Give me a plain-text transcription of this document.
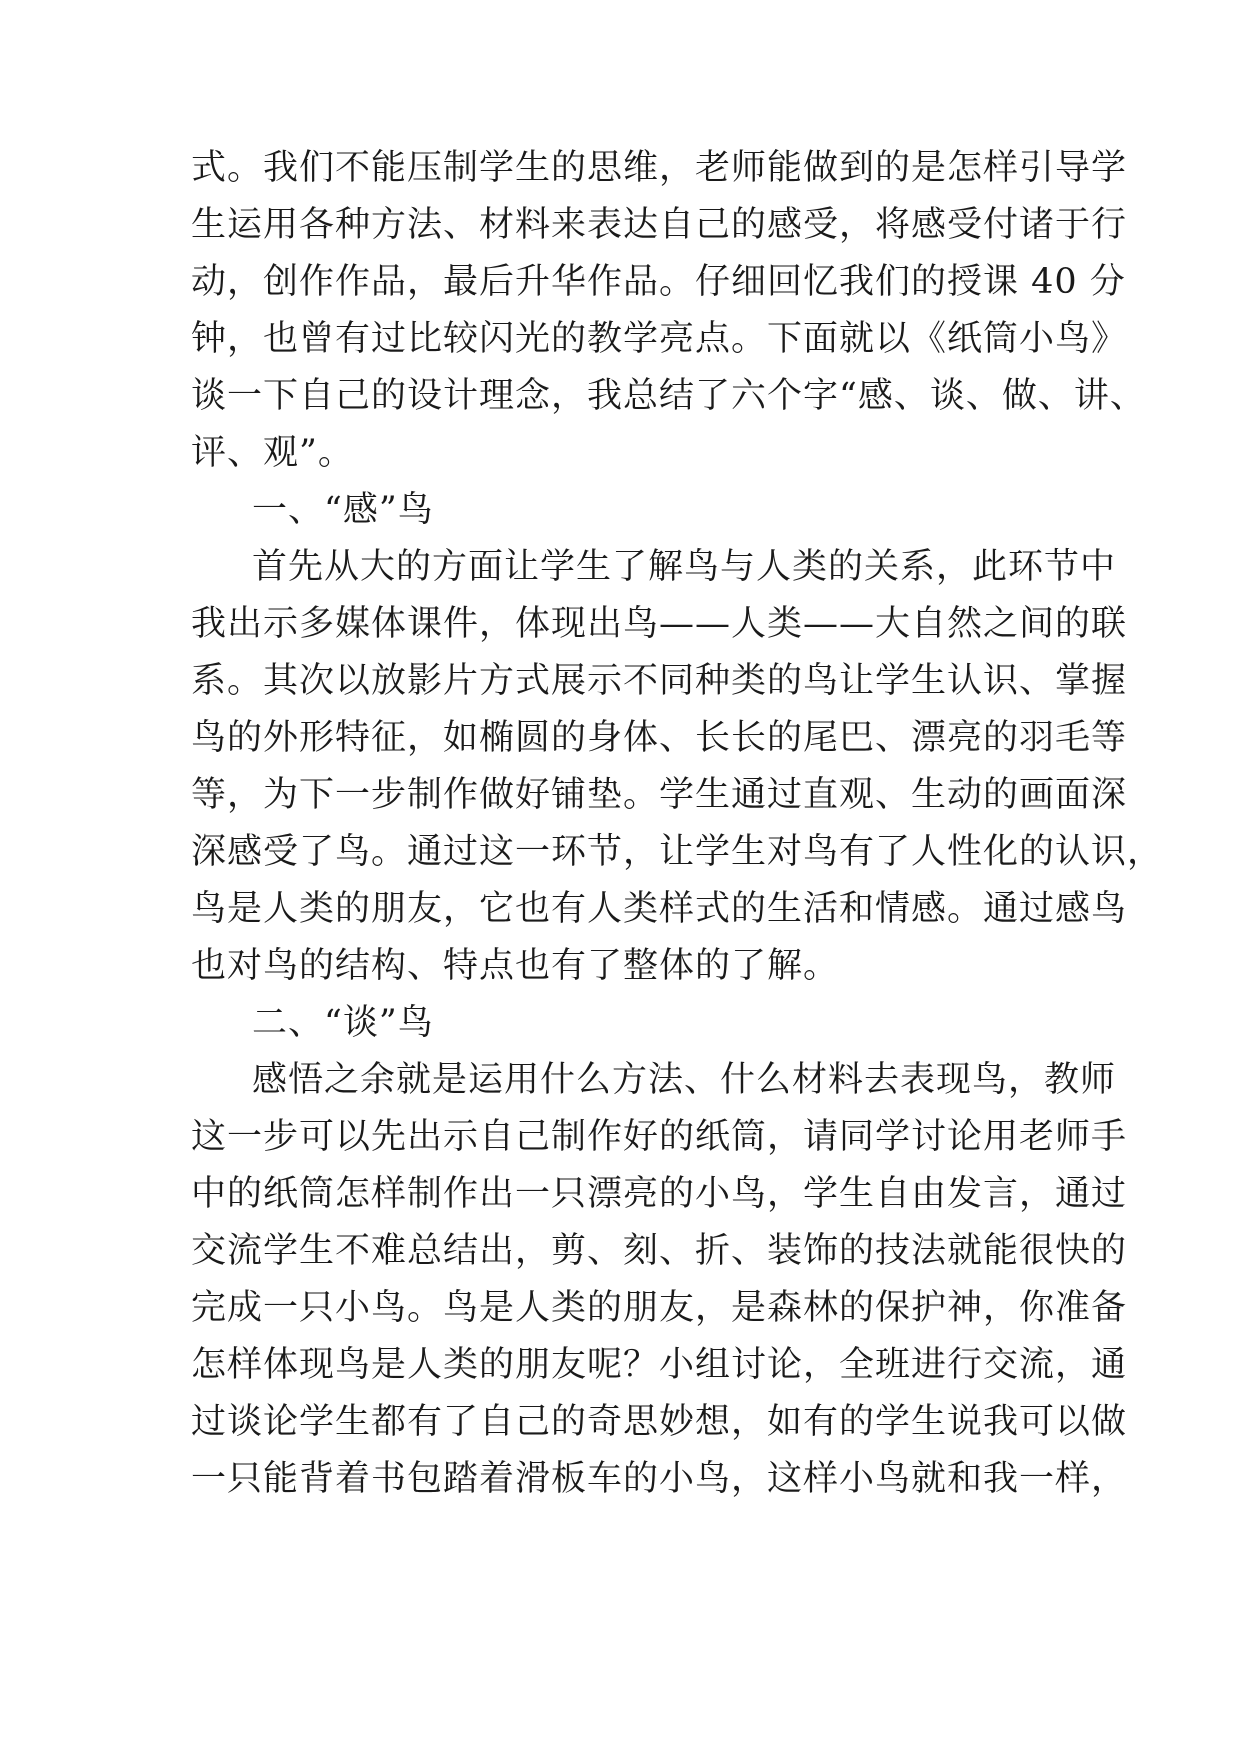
式。我们不能压制学生的思维，老师能做到的是怎样引导学
生运用各种方法、材料来表达自己的感受，将感受付诸于行
动，创作作品，最后升华作品。仔细回忆我们的授课 40 分
钟，也曾有过比较闪光的教学亮点。下面就以《纸筒小鸟》
谈一下自己的设计理念，我总结了六个字“感、谈、做、讲、
评、观”。
一、“感”鸟
首先从大的方面让学生了解鸟与人类的关系，此环节中
我出示多媒体课件，体现出鸟——人类——大自然之间的联
系。其次以放影片方式展示不同种类的鸟让学生认识、掌握
鸟的外形特征，如椭圆的身体、长长的尾巴、漂亮的羽毛等
等，为下一步制作做好铺垫。学生通过直观、生动的画面深
深感受了鸟。通过这一环节，让学生对鸟有了人性化的认识，
鸟是人类的朋友，它也有人类样式的生活和情感。通过感鸟
也对鸟的结构、特点也有了整体的了解。
二、“谈”鸟
感悟之余就是运用什么方法、什么材料去表现鸟，教师
这一步可以先出示自己制作好的纸筒，请同学讨论用老师手
中的纸筒怎样制作出一只漂亮的小鸟，学生自由发言，通过
交流学生不难总结出，剪、刻、折、装饰的技法就能很快的
完成一只小鸟。鸟是人类的朋友，是森林的保护神，你准备
怎样体现鸟是人类的朋友呢？小组讨论，全班进行交流，通
过谈论学生都有了自己的奇思妙想，如有的学生说我可以做
一只能背着书包踏着滑板车的小鸟，这样小鸟就和我一样，
